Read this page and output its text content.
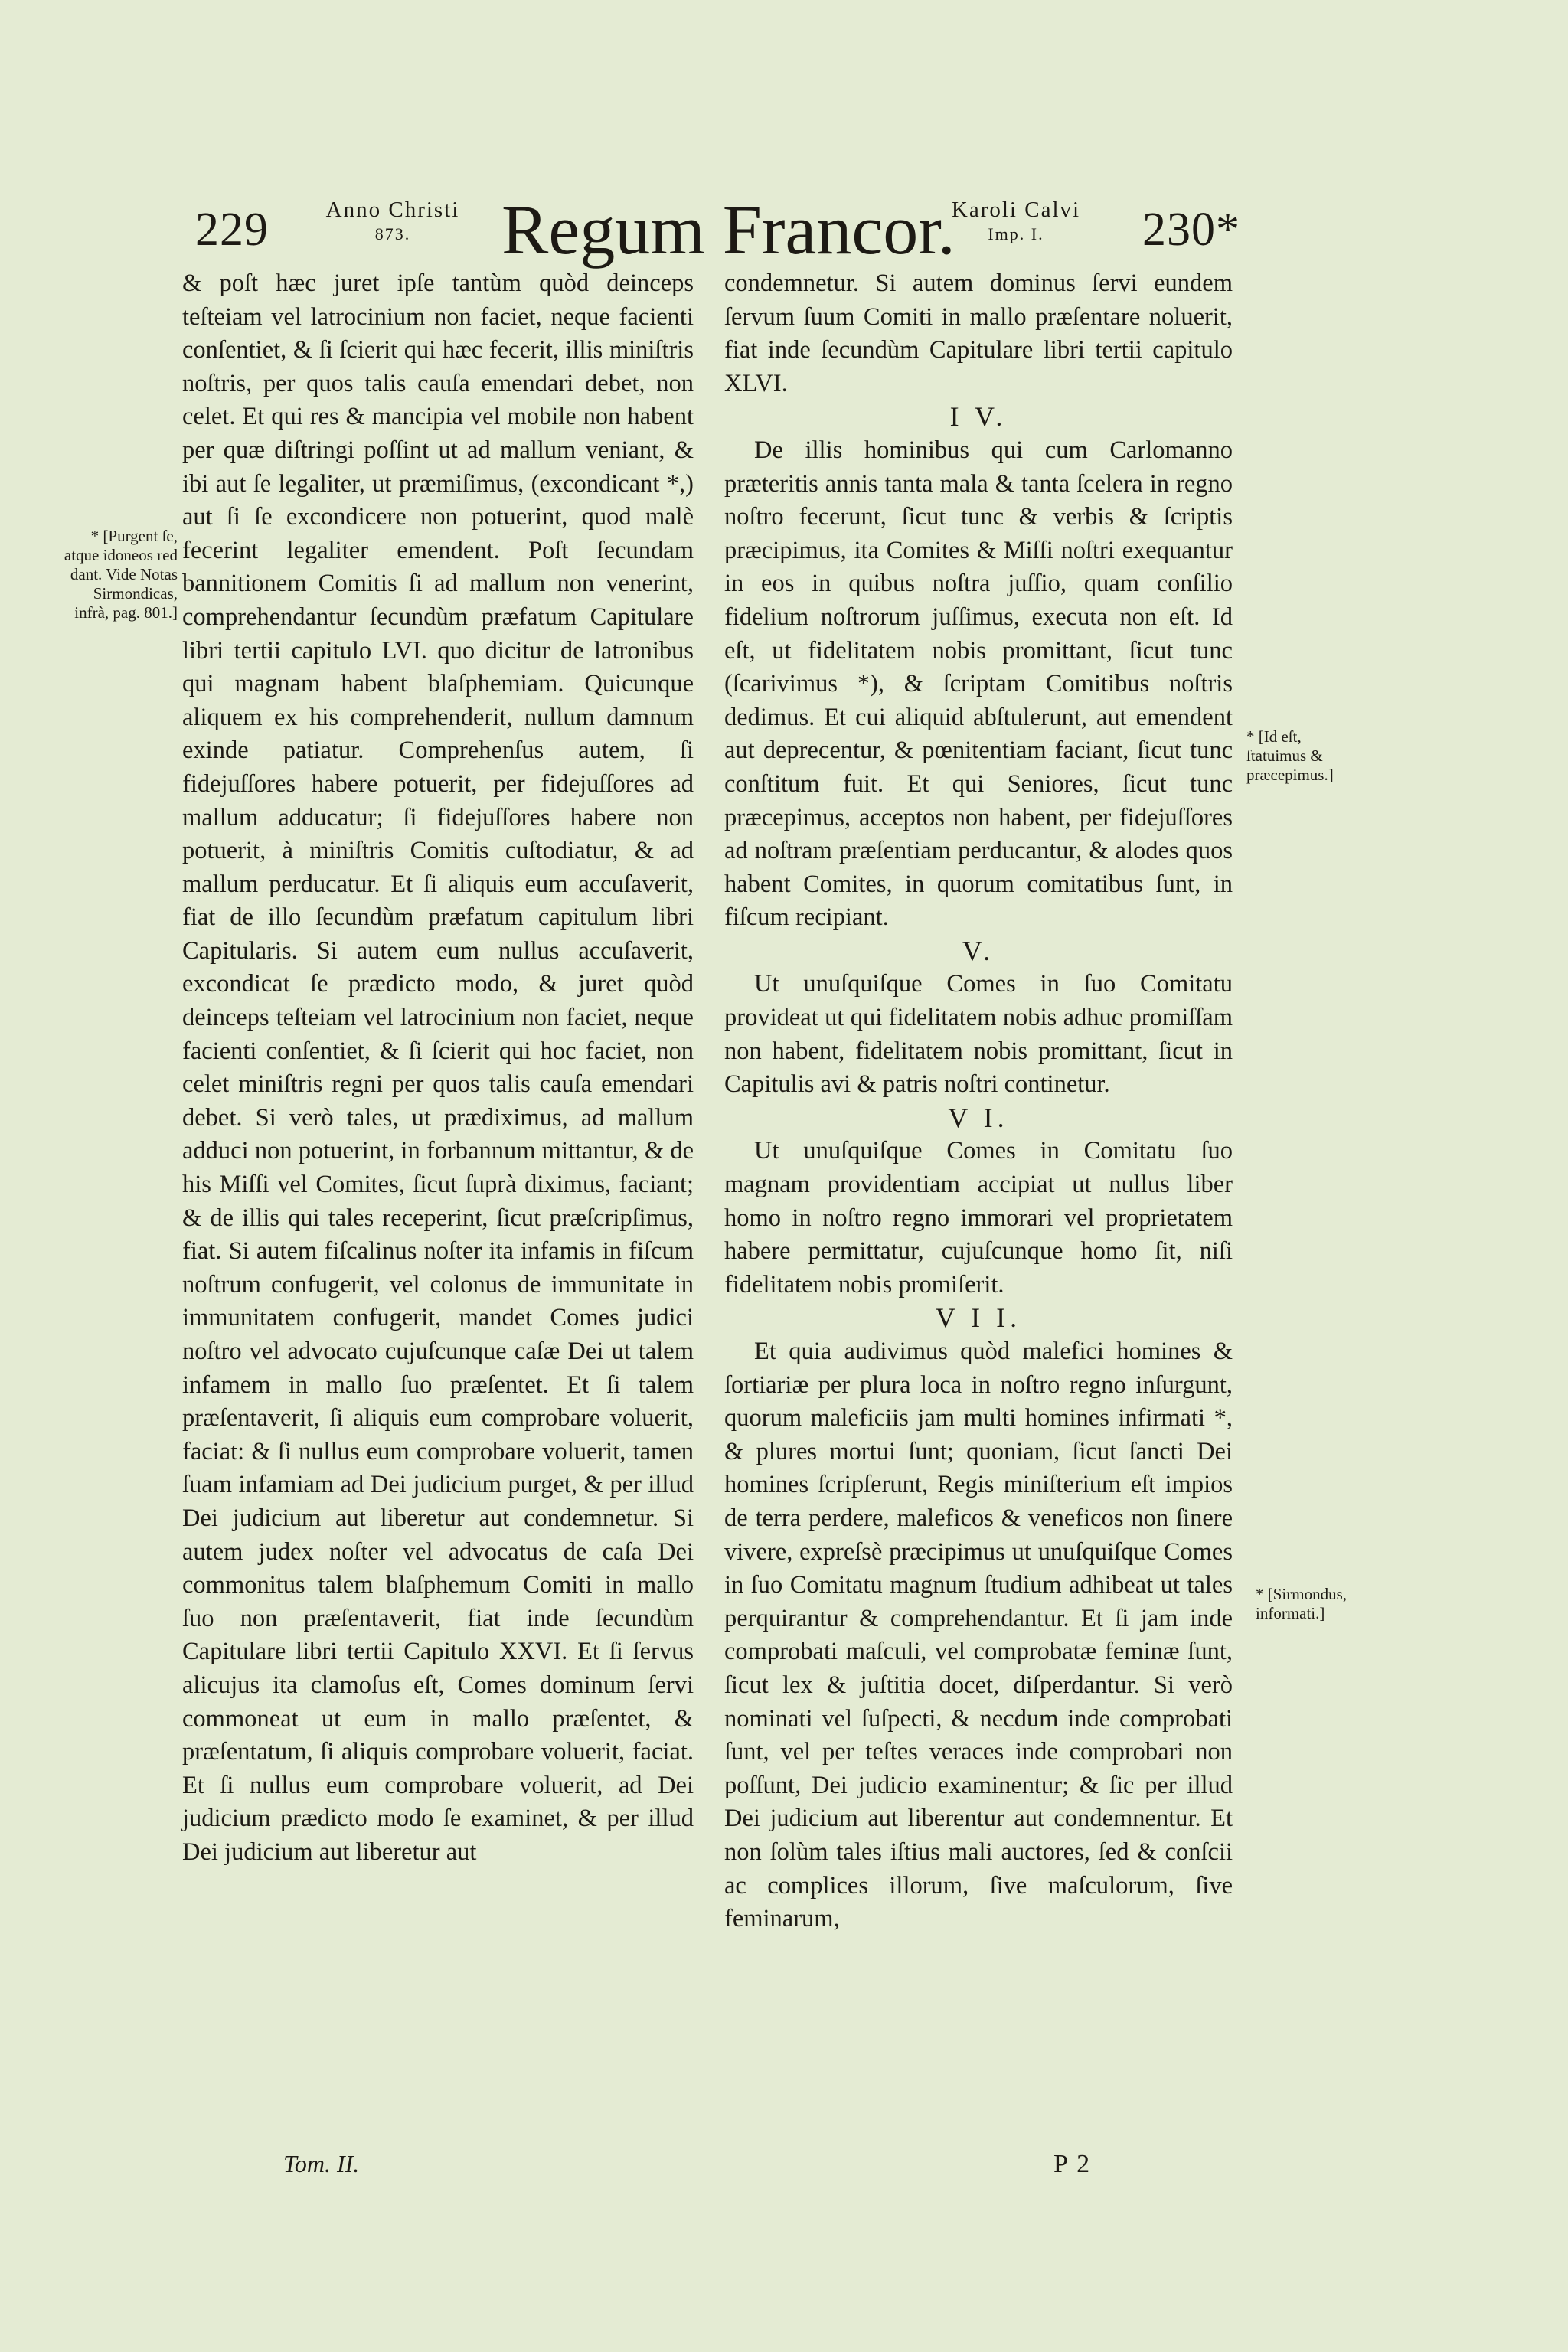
229	Anno Christi
873.	Regum Francor.
Karoli Calvi
Imp. I.	230*

& poſt hæc juret ipſe tantùm quòd deinceps teſteiam vel latrocinium non faciet, neque facienti conſentiet, & ſi ſcierit qui hæc fecerit, illis miniſtris noſtris, per quos talis cauſa emendari debet, non celet. Et qui res & mancipia vel mobile non habent per quæ diſtringi poſſint ut ad mallum veniant, & ibi aut ſe legaliter, ut præmiſimus, (excondicant *,) aut ſi ſe excondicere non potuerint, quod malè fecerint legaliter emendent. Poſt ſecundam bannitionem Comitis ſi ad mallum non venerint, comprehendantur ſecundùm præfatum Capitulare libri tertii capitulo LVI. quo dicitur de latronibus qui magnam habent blaſphemiam. Quicunque aliquem ex his comprehenderit, nullum damnum exinde patiatur. Comprehenſus autem, ſi fidejuſſores habere potuerit, per fidejuſſores ad mallum adducatur; ſi fidejuſſores habere non potuerit, à miniſtris Comitis cuſtodiatur, & ad mallum perducatur. Et ſi aliquis eum accuſaverit, fiat de illo ſecundùm præfatum capitulum libri Capitularis. Si autem eum nullus accuſaverit, excondicat ſe prædicto modo, & juret quòd deinceps teſteiam vel latrocinium non faciet, neque facienti conſentiet, & ſi ſcierit qui hoc faciet, non celet miniſtris regni per quos talis cauſa emendari debet. Si verò tales, ut prædiximus, ad mallum adduci non potuerint, in forbannum mittantur, & de his Miſſi vel Comites, ſicut ſuprà diximus, faciant; & de illis qui tales receperint, ſicut præſcripſimus, fiat. Si autem fiſcalinus noſter ita infamis in fiſcum noſtrum confugerit, vel colonus de immunitate in immunitatem confugerit, mandet Comes judici noſtro vel advocato cujuſcunque caſæ Dei ut talem infamem in mallo ſuo præſentet. Et ſi talem præſentaverit, ſi aliquis eum comprobare voluerit, faciat: & ſi nullus eum comprobare voluerit, tamen ſuam infamiam ad Dei judicium purget, & per illud Dei judicium aut liberetur aut condemnetur. Si autem judex noſter vel advocatus de caſa Dei commonitus talem blaſphemum Comiti in mallo ſuo non præſentaverit, fiat inde ſecundùm Capitulare libri tertii Capitulo XXVI. Et ſi ſervus alicujus ita clamoſus eſt, Comes dominum ſervi commoneat ut eum in mallo præſentet, & præſentatum, ſi aliquis comprobare voluerit, faciat. Et ſi nullus eum comprobare voluerit, ad Dei judicium prædicto modo ſe examinet, & per illud Dei judicium aut liberetur aut

condemnetur. Si autem dominus ſervi eundem ſervum ſuum Comiti in mallo præſentare noluerit, fiat inde ſecundùm Capitulare libri tertii capitulo XLVI.

I V.

De illis hominibus qui cum Carlomanno prætеritis annis tanta mala & tanta ſcelera in regno noſtro fecerunt, ſicut tunc & verbis & ſcriptis præcipimus, ita Comites & Miſſi noſtri exequantur in eos in quibus noſtra juſſio, quam conſilio fidelium noſtrorum juſſimus, executa non eſt. Id eſt, ut fidelitatem nobis promittant, ſicut tunc (ſcarivimus *), & ſcriptam Comitibus noſtris dedimus. Et cui aliquid abſtulerunt, aut emendent aut deprecentur, & pœnitentiam faciant, ſicut tunc conſtitum fuit. Et qui Seniores, ſicut tunc præcepimus, acceptos non habent, per fidejuſſores ad noſtram præſentiam perducantur, & alodes quos habent Comites, in quorum comitatibus ſunt, in fiſcum recipiant.

V.

Ut unuſquiſque Comes in ſuo Comitatu provideat ut qui fidelitatem nobis adhuc promiſſam non habent, fidelitatem nobis promittant, ſicut in Capitulis avi & patris noſtri continetur.

V I.

Ut unuſquiſque Comes in Comitatu ſuo magnam providentiam accipiat ut nullus liber homo in noſtro regno immorari vel proprietatem habere permittatur, cujuſcunque homo ſit, niſi fidelitatem nobis promiſerit.

V I I.

Et quia audivimus quòd malefici homines & ſortiariæ per plura loca in noſtro regno inſurgunt, quorum maleficiis jam multi homines infirmati *, & plures mortui ſunt; quoniam, ſicut ſancti Dei homines ſcripſerunt, Regis miniſterium eſt impios de terra perdere, maleficos & veneficos non ſinere vivere, expreſsè præcipimus ut unuſquiſque Comes in ſuo Comitatu magnum ſtudium adhibeat ut tales perquirantur & comprehendantur. Et ſi jam inde comprobati maſculi, vel comprobatæ feminæ ſunt, ſicut lex & juſtitia docet, diſperdantur. Si verò nominati vel ſuſpecti, & necdum inde comprobati ſunt, vel per teſtes veraces inde comprobari non poſſunt, Dei judicio examinentur; & ſic per illud Dei judicium aut liberentur aut condemnentur. Et non ſolùm tales iſtius mali auctores, ſed & conſcii ac complices illorum, ſive maſculorum, ſive feminarum,

* [Purgent ſe, atque idoneos red dant. Vide Notas Sirmondicas, infrà, pag. 801.]
* [Id eſt, ſtatuimus & præcepimus.]
* [Sirmondus, informati.]
Tom. II.	P 2
